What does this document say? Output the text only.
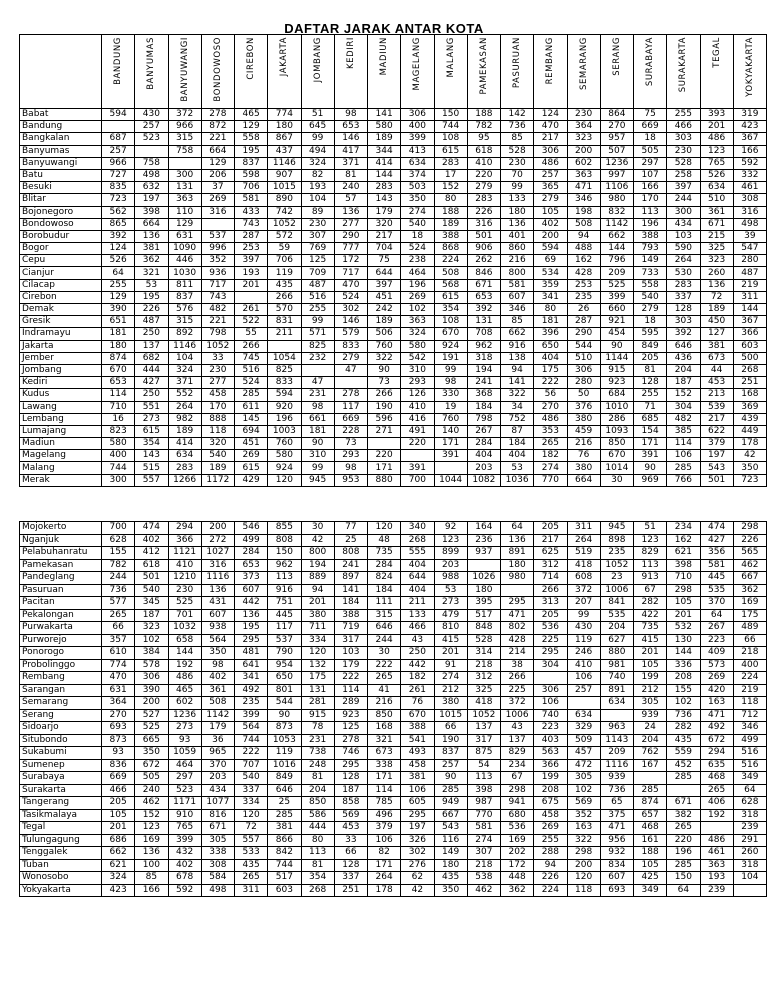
DAFTAR JARAK ANTAR KOTA
	BANDUNG	BANYUMAS	BANYUWANGI	BONDOWOSO	CIREBON	JAKARTA	JOMBANG	KEDIRI	MADIUN	MAGELANG	MALANG	PAMEKASAN	PASURUAN	REMBANG	SEMARANG	SERANG	SURABAYA	SURAKARTA	TEGAL	YOKYAKARTA
Babat	594	430	372	278	465	774	51	98	141	306	150	188	142	124	230	864	75	255	393	319
Bandung		257	966	872	129	180	645	653	580	400	744	782	736	470	364	270	669	466	201	423
Bangkalan	687	523	315	221	558	867	99	146	189	399	108	95	85	217	323	957	18	303	486	367
Banyumas	257		758	664	195	437	494	417	344	413	615	618	528	306	200	507	505	230	123	166
Banyuwangi	966	758		129	837	1146	324	371	414	634	283	410	230	486	602	1236	297	528	765	592
Batu	727	498	300	206	598	907	82	81	144	374	17	220	70	257	363	997	107	258	526	332
Besuki	835	632	131	37	706	1015	193	240	283	503	152	279	99	365	471	1106	166	397	634	461
Blitar	723	197	363	269	581	890	104	57	143	350	80	283	133	279	346	980	170	244	510	308
Bojonegoro	562	398	110	316	433	742	89	136	179	274	188	226	180	105	198	832	113	300	361	316
Bondowoso	865	664	129		743	1052	230	277	320	540	189	316	136	402	508	1142	196	434	671	498
Borobudur	392	136	631	537	287	572	307	290	217	18	388	501	401	200	94	662	388	103	215	39
Bogor	124	381	1090	996	253	59	769	777	704	524	868	906	860	594	488	144	793	590	325	547
Cepu	526	362	446	352	397	706	125	172	75	238	224	262	216	69	162	796	149	264	323	280
Cianjur	64	321	1030	936	193	119	709	717	644	464	508	846	800	534	428	209	733	530	260	487
Cilacap	255	53	811	717	201	435	487	470	397	196	568	671	581	359	253	525	558	283	136	219
Cirebon	129	195	837	743		266	516	524	451	269	615	653	607	341	235	399	540	337	72	311
Demak	390	226	576	482	261	570	255	302	242	102	354	392	346	80	26	660	279	128	189	144
Gresik	651	487	315	221	522	831	99	146	189	363	108	131	85	181	287	921	18	303	450	367
Indramayu	181	250	892	798	55	211	571	579	506	324	670	708	662	396	290	454	595	392	127	366
Jakarta	180	137	1146	1052	266		825	833	760	580	924	962	916	650	544	90	849	646	381	603
Jember	874	682	104	33	745	1054	232	279	322	542	191	318	138	404	510	1144	205	436	673	500
Jombang	670	444	324	230	516	825		47	90	310	99	194	94	175	306	915	81	204	44	268
Kediri	653	427	371	277	524	833	47		73	293	98	241	141	222	280	923	128	187	453	251
Kudus	114	250	552	458	285	594	231	278	266	126	330	368	322	56	50	684	255	152	213	168
Lawang	710	551	264	170	611	920	98	117	190	410	19	184	34	270	376	1010	71	304	539	369
Lembang	16	273	982	888	145	196	661	669	596	416	760	798	752	486	380	286	685	482	217	439
Lumajang	823	615	189	118	694	1003	181	228	271	491	140	267	87	353	459	1093	154	385	622	449
Madiun	580	354	414	320	451	760	90	73		220	171	284	184	265	216	850	171	114	379	178
Magelang	400	143	634	540	269	580	310	293	220		391	404	404	182	76	670	391	106	197	42
Malang	744	515	283	189	615	924	99	98	171	391		203	53	274	380	1014	90	285	543	350
Merak	300	557	1266	1172	429	120	945	953	880	700	1044	1082	1036	770	664	30	969	766	501	723
Mojokerto	700	474	294	200	546	855	30	77	120	340	92	164	64	205	311	945	51	234	474	298
Nganjuk	628	402	366	272	499	808	42	25	48	268	123	236	136	217	264	898	123	162	427	226
Pelabuhanratu	155	412	1121	1027	284	150	800	808	735	555	899	937	891	625	519	235	829	621	356	565
Pamekasan	782	618	410	316	653	962	194	241	284	404	203		180	312	418	1052	113	398	581	462
Pandeglang	244	501	1210	1116	373	113	889	897	824	644	988	1026	980	714	608	23	913	710	445	667
Pasuruan	736	540	230	136	607	916	94	141	184	404	53	180		266	372	1006	67	298	535	362
Pacitan	577	345	525	431	442	751	201	184	111	211	273	395	295	313	207	841	282	105	370	169
Pekalongan	265	187	701	607	136	445	380	388	315	133	479	517	471	205	99	535	422	201	64	175
Purwakarta	66	323	1032	938	195	117	711	719	646	466	810	848	802	536	430	204	735	532	267	489
Purworejo	357	102	658	564	295	537	334	317	244	43	415	528	428	225	119	627	415	130	223	66
Ponorogo	610	384	144	350	481	790	120	103	30	250	201	314	214	295	246	880	201	144	409	218
Probolinggo	774	578	192	98	641	954	132	179	222	442	91	218	38	304	410	981	105	336	573	400
Rembang	470	306	486	402	341	650	175	222	265	182	274	312	266		106	740	199	208	269	224
Sarangan	631	390	465	361	492	801	131	114	41	261	212	325	225	306	257	891	212	155	420	219
Semarang	364	200	602	508	235	544	281	289	216	76	380	418	372	106		634	305	102	163	118
Serang	270	527	1236	1142	399	90	915	923	850	670	1015	1052	1006	740	634		939	736	471	712
Sidoarjo	693	525	273	179	564	873	78	125	168	388	66	137	43	223	329	963	24	282	492	346
Situbondo	873	665	93	36	744	1053	231	278	321	541	190	317	137	403	509	1143	204	435	672	499
Sukabumi	93	350	1059	965	222	119	738	746	673	493	837	875	829	563	457	209	762	559	294	516
Sumenep	836	672	464	370	707	1016	248	295	338	458	257	54	234	366	472	1116	167	452	635	516
Surabaya	669	505	297	203	540	849	81	128	171	381	90	113	67	199	305	939		285	468	349
Surakarta	466	240	523	434	337	646	204	187	114	106	285	398	298	208	102	736	285		265	64
Tangerang	205	462	1171	1077	334	25	850	858	785	605	949	987	941	675	569	65	874	671	406	628
Tasikmalaya	105	152	910	816	120	285	586	569	496	295	667	770	680	458	352	375	657	382	192	318
Tegal	201	123	765	671	72	381	444	453	379	197	543	581	536	269	163	471	468	265		239
Tulungagung	686	169	399	305	557	866	80	33	106	326	116	274	169	255	322	956	161	220	486	291
Tenggalek	662	136	432	338	533	842	113	66	82	302	149	307	202	288	298	932	188	196	461	260
Tuban	621	100	402	308	435	744	81	128	171	276	180	218	172	94	200	834	105	285	363	318
Wonosobo	324	85	678	584	265	517	354	337	264	62	435	538	448	226	120	607	425	150	193	104
Yokyakarta	423	166	592	498	311	603	268	251	178	42	350	462	362	224	118	693	349	64	239	
